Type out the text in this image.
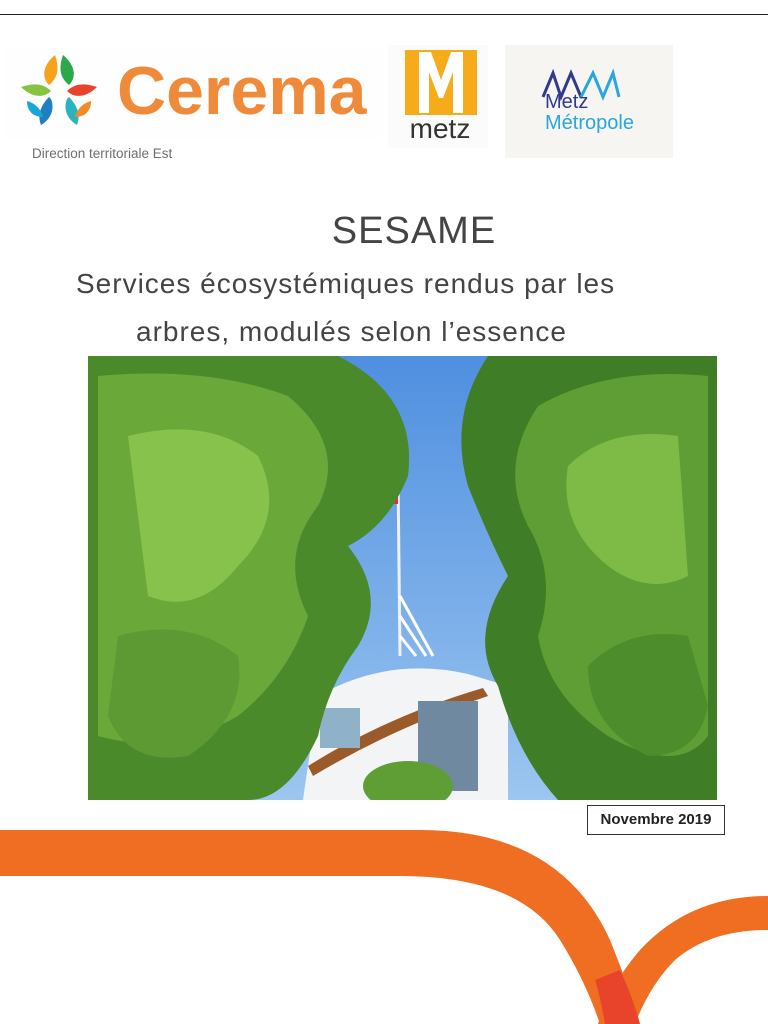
Cerema
Direction territoriale Est
metz
Metz
Métropole
SESAME
Services écosystémiques rendus par les
arbres, modulés selon l’essence
Novembre 2019
